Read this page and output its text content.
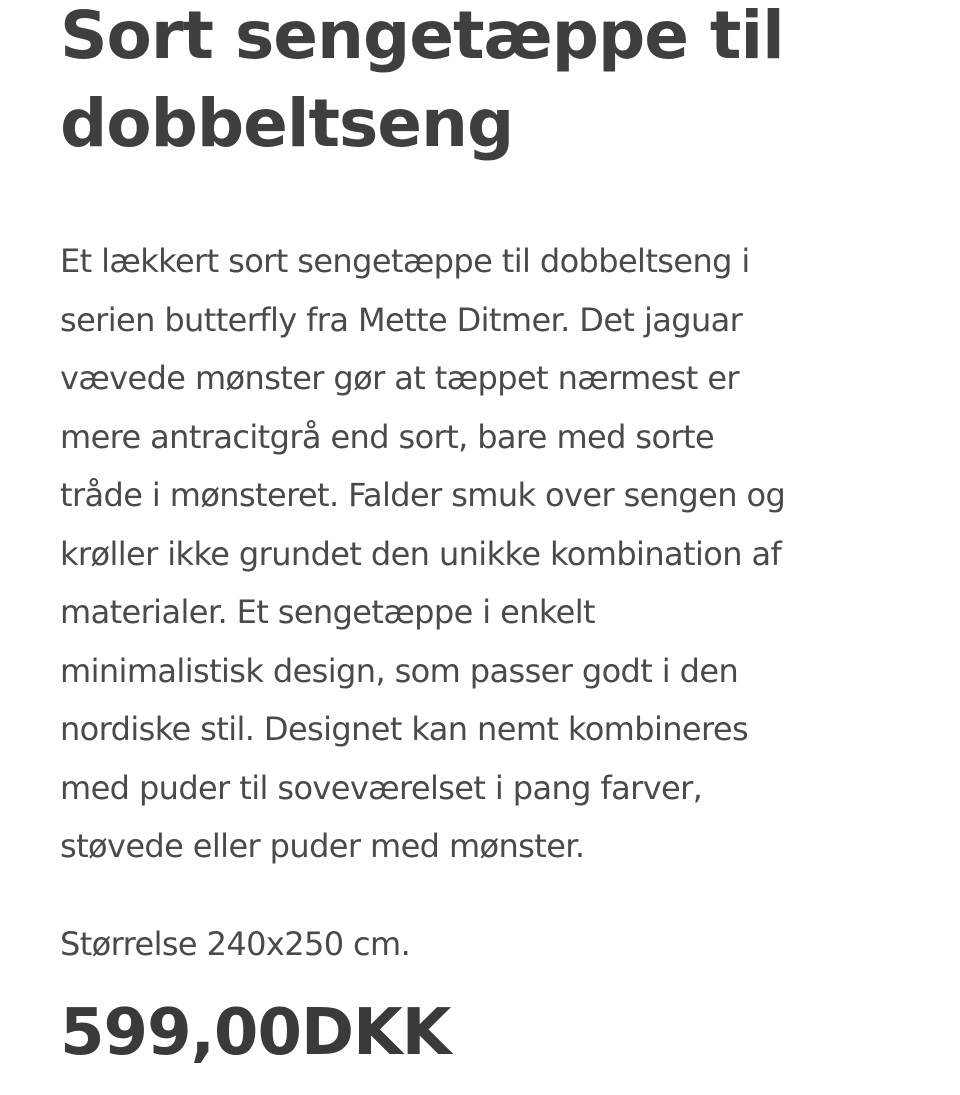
Sort sengetæppe til dobbeltseng

Et lækkert sort sengetæppe til dobbeltseng i
serien butterfly fra Mette Ditmer. Det jaguar
vævede mønster gør at tæppet nærmest er
mere antracitgrå end sort, bare med sorte
tråde i mønsteret. Falder smuk over sengen og
krøller ikke grundet den unikke kombination af
materialer. Et sengetæppe i enkelt
minimalistisk design, som passer godt i den
nordiske stil. Designet kan nemt kombineres
med puder til soveværelset i pang farver,
støvede eller puder med mønster.

Størrelse 240x250 cm.

599,00DKK
